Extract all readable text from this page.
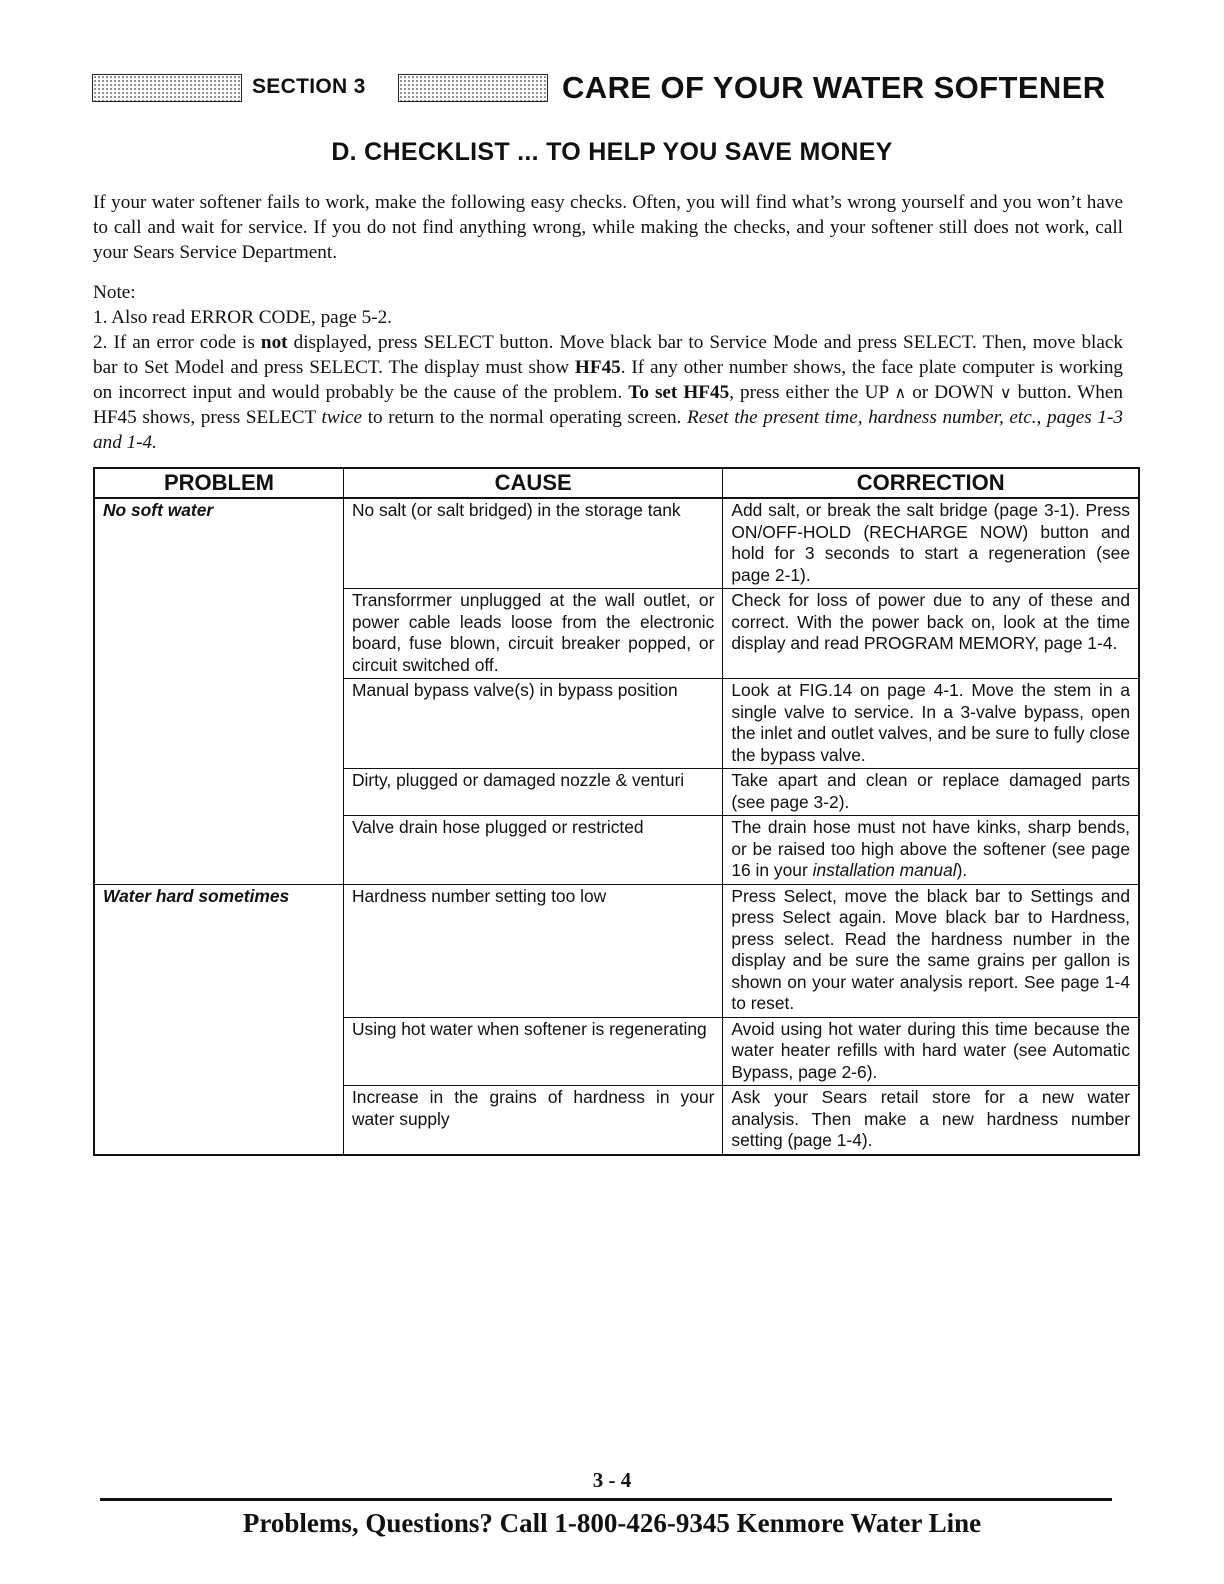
SECTION 3	CARE OF YOUR WATER SOFTENER
D. CHECKLIST ... TO HELP YOU SAVE MONEY
If your water softener fails to work, make the following easy checks. Often, you will find what’s wrong yourself and you won’t have to call and wait for service. If you do not find anything wrong, while making the checks, and your softener still does not work, call your Sears Service Department.

Note:

1. Also read ERROR CODE, page 5-2.

2. If an error code is not displayed, press SELECT button. Move black bar to Service Mode and press SELECT. Then, move black bar to Set Model and press SELECT. The display must show HF45. If any other number shows, the face plate computer is working on incorrect input and would probably be the cause of the problem. To set HF45, press either the UP ∧ or DOWN ∨ button. When HF45 shows, press SELECT twice to return to the normal operating screen. Reset the present time, hardness number, etc., pages 1-3 and 1-4.

PROBLEM	CAUSE	CORRECTION
No soft water	No salt (or salt bridged) in the storage tank	Add salt, or break the salt bridge (page 3-1). Press ON/OFF-HOLD (RECHARGE NOW) button and hold for 3 seconds to start a regeneration (see page 2-1).
	Transforrmer unplugged at the wall outlet, or power cable leads loose from the electronic board, fuse blown, circuit breaker popped, or circuit switched off.	Check for loss of power due to any of these and correct. With the power back on, look at the time display and read PROGRAM MEMORY, page 1-4.
	Manual bypass valve(s) in bypass position	Look at FIG.14 on page 4-1. Move the stem in a single valve to service. In a 3-valve bypass, open the inlet and outlet valves, and be sure to fully close the bypass valve.
	Dirty, plugged or damaged nozzle & venturi	Take apart and clean or replace damaged parts (see page 3-2).
	Valve drain hose plugged or restricted	The drain hose must not have kinks, sharp bends, or be raised too high above the softener (see page 16 in your installation manual).
Water hard sometimes	Hardness number setting too low	Press Select, move the black bar to Settings and press Select again. Move black bar to Hardness, press select. Read the hardness number in the display and be sure the same grains per gallon is shown on your water analysis report. See page 1-4 to reset.
	Using hot water when softener is regenerating	Avoid using hot water during this time because the water heater refills with hard water (see Automatic Bypass, page 2-6).
	Increase in the grains of hardness in your water supply	Ask your Sears retail store for a new water analysis. Then make a new hardness number setting (page 1-4).
3 - 4
Problems, Questions? Call 1-800-426-9345 Kenmore Water Line
